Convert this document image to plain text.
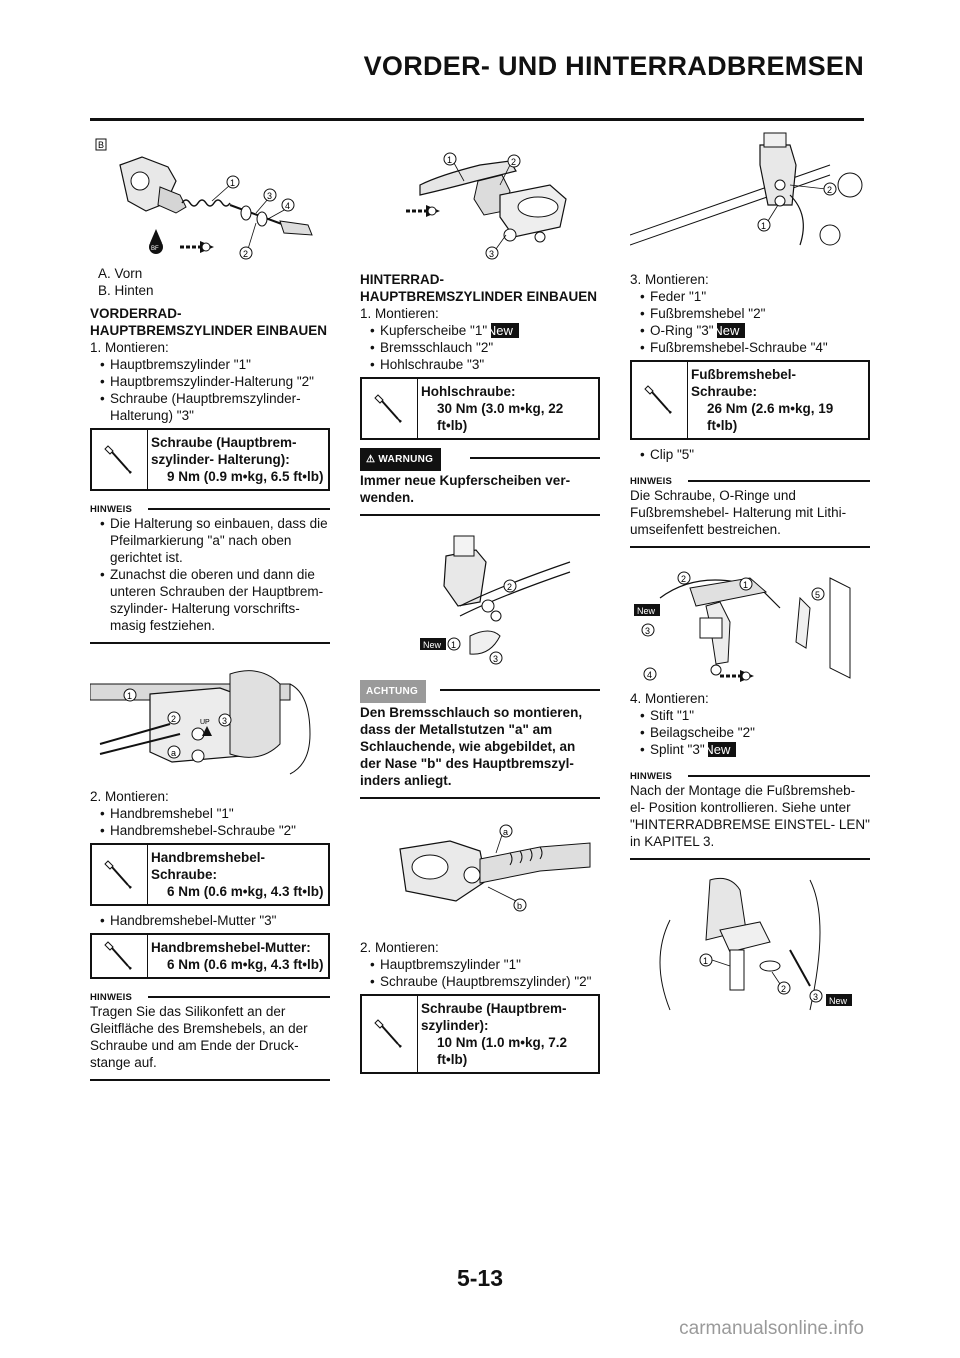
VORDER- UND HINTERRADBREMSEN
B
BF
1
3
4
2
A. Vorn
B. Hinten
VORDERRAD-HAUPTBREMSZYLINDER EINBAUEN
1. Montieren:
• Hauptbremszylinder "1"
• Hauptbremszylinder-Halterung "2"
• Schraube (Hauptbremszylinder-Halterung) "3"
Schraube (Hauptbrem- szylinder- Halterung):
9 Nm (0.9 m•kg, 6.5 ft•lb)
HINWEIS
• Die Halterung so einbauen, dass die Pfeilmarkierung "a" nach oben gerichtet ist.
• Zunachst die oberen und dann die unteren Schrauben der Hauptbrem- szylinder- Halterung vorschrifts- masig festziehen.
UP
1
2	3
a
2. Montieren:
• Handbremshebel "1"
• Handbremshebel-Schraube "2"
Handbremshebel- Schraube:
6 Nm (0.6 m•kg, 4.3 ft•lb)
• Handbremshebel-Mutter "3"
Handbremshebel-Mutter:
6 Nm (0.6 m•kg, 4.3 ft•lb)
HINWEIS
Tragen Sie das Silikonfett an der Gleitfläche des Bremshebels, an der Schraube und am Ende der Druck- stange auf.
1	2
3
HINTERRAD-HAUPTBREMSZYLINDER EINBAUEN
1. Montieren:
• Kupferscheibe "1" New
• Bremsschlauch "2"
• Hohlschraube "3"
Hohlschraube:
30 Nm (3.0 m•kg, 22 ft•lb)
⚠ WARNUNG
Immer neue Kupferscheiben ver- wenden.
New
2
1
3
ACHTUNG
Den Bremsschlauch so montieren, dass der Metallstutzen "a" am Schlauchende, wie abgebildet, an der Nase "b" des Hauptbremszyl- inders anliegt.
a
b
2. Montieren:
• Hauptbremszylinder "1"
• Schraube (Hauptbremszylinder) "2"
Schraube (Hauptbrem- szylinder):
10 Nm (1.0 m•kg, 7.2 ft•lb)
2
1
3. Montieren:
• Feder "1"
• Fußbremshebel "2"
• O-Ring "3" New
• Fußbremshebel-Schraube "4"
Fußbremshebel- Schraube:
26 Nm (2.6 m•kg, 19 ft•lb)
• Clip "5"
HINWEIS
Die Schraube, O-Ringe und Fußbremshebel- Halterung mit Lithi- umseifenfett bestreichen.
New
2
1
5
3
4
4. Montieren:
• Stift "1"
• Beilagscheibe "2"
• Splint "3" New
HINWEIS
Nach der Montage die Fußbremsheb- el- Position kontrollieren. Siehe unter "HINTERRADBREMSE EINSTEL- LEN" in KAPITEL 3.
1
2
3 New
5-13
carmanualsonline.info
